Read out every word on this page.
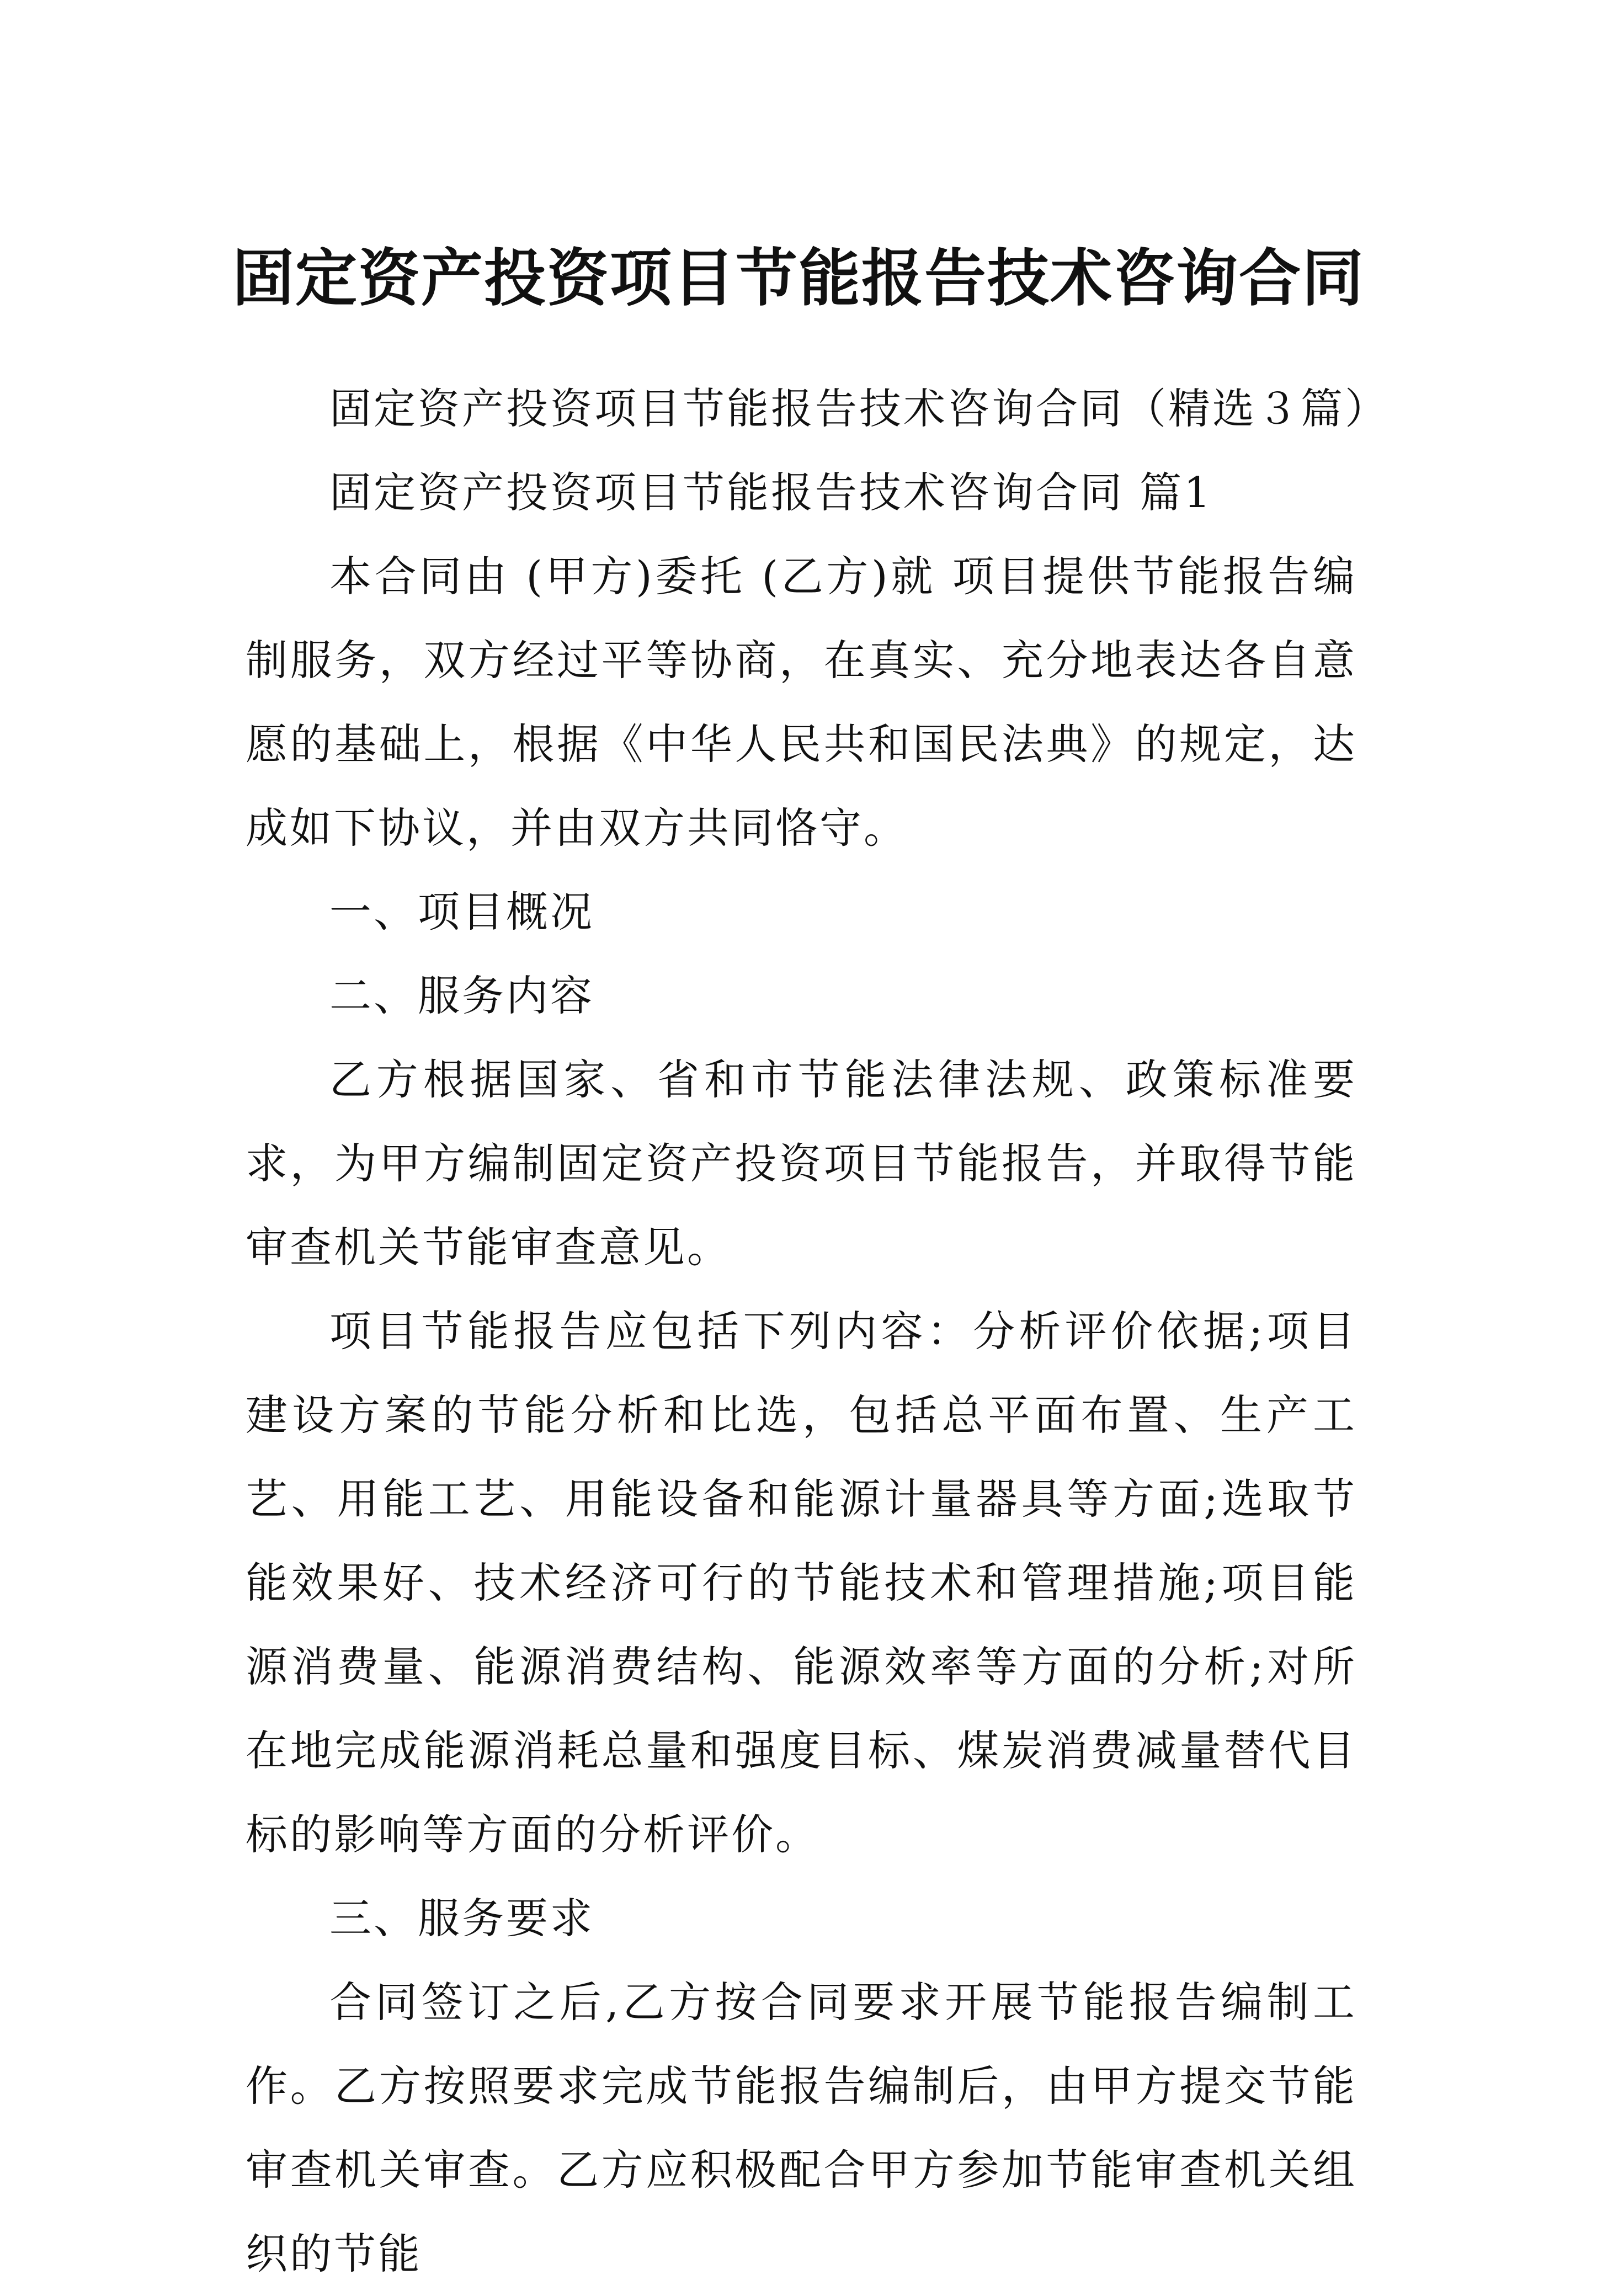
固定资产投资项目节能报告技术咨询合同

固定资产投资项目节能报告技术咨询合同（精选３篇）

固定资产投资项目节能报告技术咨询合同 篇1

本合同由 (甲方)委托 (乙方)就 项目提供节能报告编制服务，双方经过平等协商，在真实、充分地表达各自意愿的基础上，根据《中华人民共和国民法典》的规定，达成如下协议，并由双方共同恪守。

一、项目概况

二、服务内容

乙方根据国家、省和市节能法律法规、政策标准要求，为甲方编制固定资产投资项目节能报告，并取得节能审查机关节能审查意见。

项目节能报告应包括下列内容：分析评价依据;项目建设方案的节能分析和比选，包括总平面布置、生产工艺、用能工艺、用能设备和能源计量器具等方面;选取节能效果好、技术经济可行的节能技术和管理措施;项目能源消费量、能源消费结构、能源效率等方面的分析;对所在地完成能源消耗总量和强度目标、煤炭消费减量替代目标的影响等方面的分析评价。

三、服务要求

合同签订之后,乙方按合同要求开展节能报告编制工作。乙方按照要求完成节能报告编制后，由甲方提交节能审查机关审查。乙方应积极配合甲方参加节能审查机关组织的节能
